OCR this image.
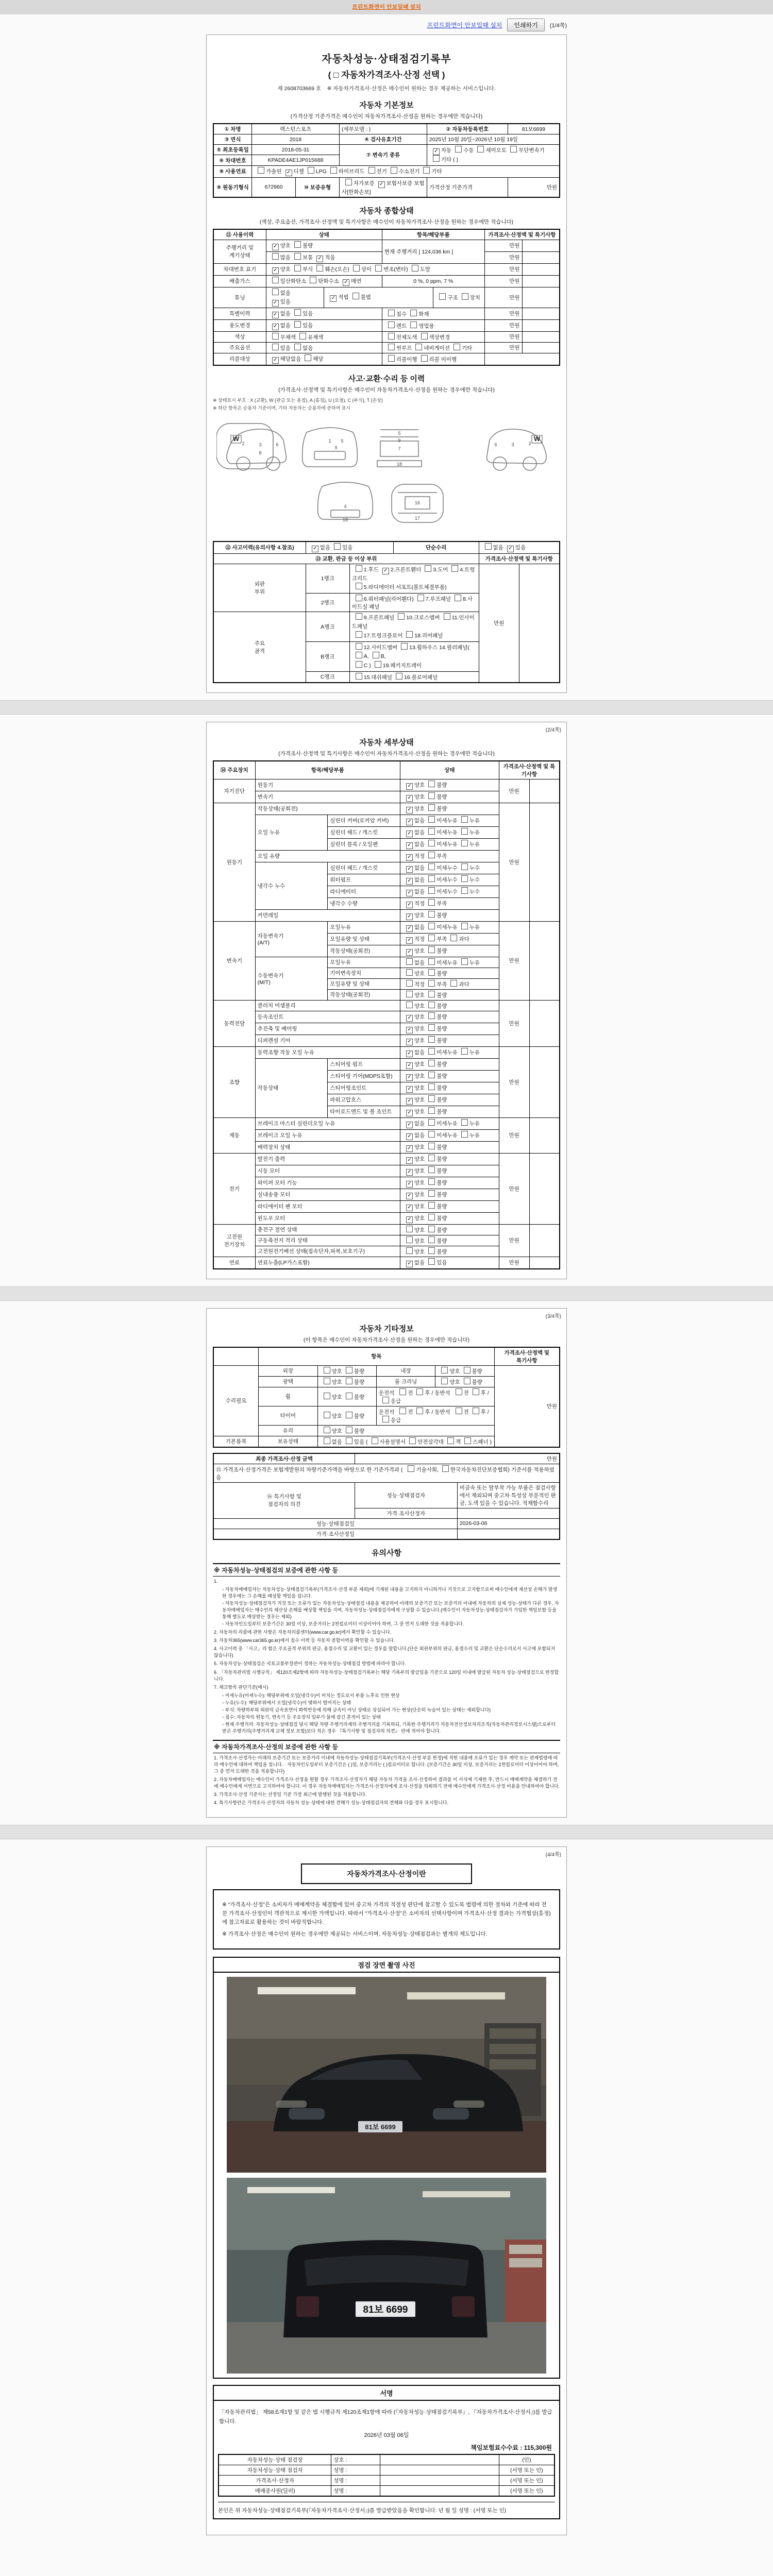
프린트화면이 안보일때 설치
프린트화면이 안보일때 설치	인쇄하기	(1/4쪽)
자동차성능·상태점검기록부
( □ 자동차가격조사·산정 선택 )
제 2608703669 호 ※ 자동차가격조사·산정은 매수인이 원하는 경우 제공하는 서비스입니다.
자동차 기본정보
(가격산정 기준가격은 매수인이 자동차가격조사·산정을 원하는 경우에만 적습니다)
① 차명	렉스턴스포츠		(세부모델 : )	② 자동차등록번호	81보6699
③ 연식	2018		④ 검사유효기간	2025년 10월 20일~2026년 10월 19일	
⑤ 최초등록일	2018-05-31		⑦ 변속기 종류	✓ 자동 수동 세미오토 무단변속기
기타 ( )	

⑥ 차대번호	KPADE4AE1JP015688				
⑧ 사용연료	가솔린 ✓ 디젤 LPG 하이브리드 전기 수소전기 기타				
⑨ 원동기형식	672960	⑩ 보증유형	자가보증 ✓ 보험사보증 보험사[한화손보]	가격산정 기준가격	만원
자동차 종합상태
(색상, 주요옵션, 가격조사·산정액 및 특기사항은 매수인이 자동차가격조사·산정을 원하는 경우에만 적습니다)
⑪ 사용이력	상태		항목/해당부품		가격조사·산정액 및 특기사항	
주행거리 및
계기상태	✓ 양호 불량		현재 주행거리 [ 124,036 km ]		만원	
	많음 보통 ✓ 적음				만원	
차대번호 표기	✓ 양호 부식 훼손(오손) 상이 변조(변타) 도말				만원	
배출가스	일산화탄소 탄화수소 ✓ 매연		0 %, 0 ppm, 7 %		만원	
튜닝	없음
✓ 있음	✓ 적법 불법		구조 장치	만원	
특별이력	✓ 없음 있음		침수 화재		만원	
용도변경	✓ 없음 있음		렌트 영업용		만원	
색상	무채색 유채색		전체도색 색상변경		만원	
주요옵션	있음 없음		썬루프 네비게이션 기타		만원	
리콜대상	✓ 해당없음 해당		리콜이행 리콜 미이행			
사고·교환·수리 등 이력
(가격조사·산정액 및 특기사항은 매수인이 자동차가격조사·산정을 원하는 경우에만 적습니다)
※ 상태표시 부호 : X (교환), W (판금 또는 용접), A (흠집), U (요철), C (부식), T (손상)
※ 하단 항목은 승용차 기준이며, 기타 자동차는 승용차에 준하여 표시
2	3	6
8
1 5
9
5
9
7
18
2
3
6
4
18
16
17
W	W
⑫ 사고이력(유의사항 4.참조)	✓ 없음 있음		단순수리	없음 ✓ 있음	
⑬ 교환, 판금 등 이상 부위				가격조사·산정액 및 특기사항	
외판
부위	1랭크	
1.후드 ✓ 2.프론트휀더 3.도어 4.트렁크리드
5.라디에이터 서포트(볼트체결부품)
	만원	
	2랭크	6.쿼터패널(리어휀다) 7.루프패널 8.사이드실 패널			
주요
골격	A랭크	
9.프론트패널 10.크로스멤버 11.인사이드패널
17.트렁크플로어 18.리어패널

	B랭크	12.사이드멤버 13.휠하우스 14.필러패널( A, B,
C ) 19.패키지트레이			

	C랭크	15.대쉬패널 16.플로어패널			
(2/4쪽)
자동차 세부상태
(가격조사·산정액 및 특기사항은 매수인이 자동차가격조사·산정을 원하는 경우에만 적습니다)
⑭ 주요장치	항목/해당부품		상태	가격조사·산정액 및 특기사항	
자기진단	원동기		✓ 양호 불량	만원	
	변속기		✓ 양호 불량		
원동기	작동상태(공회전)		✓ 양호 불량	만원	
	오일 누유	실린더 커버(로커암 커버)	✓ 없음 미세누유 누유		
		실린더 헤드 / 개스킷	✓ 없음 미세누유 누유		
		실린더 블록 / 오일팬	✓ 없음 미세누유 누유		
	오일 유량		✓ 적정 부족		
	냉각수 누수	실린더 헤드 / 개스킷	✓ 없음 미세누수 누수		
		워터펌프	✓ 없음 미세누수 누수		
		라디에이터	✓ 없음 미세누수 누수		
		냉각수 수량	✓ 적정 부족		
	커먼레일		✓ 양호 불량		
변속기	자동변속기
(A/T)	오일누유	✓ 없음 미세누유 누유	만원	
		오일유량 및 상태	✓ 적정 부족 과다		
		작동상태(공회전)	✓ 양호 불량		
	수동변속기
(M/T)	오일누유	없음 미세누유 누유		
		기어변속장치	양호 불량		
		오일유량 및 상태	적정 부족 과다		
		작동상태(공회전)	양호 불량		
동력전달	클러치 어셈블리		양호 불량	만원	
	등속조인트		✓ 양호 불량		
	추진축 및 베어링		✓ 양호 불량		
	디퍼렌셜 기어		✓ 양호 불량		
조향	동력조향 작동 오일 누유		✓ 없음 미세누유 누유	만원	
	작동상태	스티어링 펌프	✓ 양호 불량		
		스티어링 기어(MDPS포함)	✓ 양호 불량		
		스티어링조인트	✓ 양호 불량		
		파워고압호스	✓ 양호 불량		
		타이로드엔드 및 볼 조인트	✓ 양호 불량		
제동	브레이크 마스터 실린더오일 누유		✓ 없음 미세누유 누유	만원	
	브레이크 오일 누유		✓ 없음 미세누유 누유		
	배력장치 상태		✓ 양호 불량		
전기	발전기 출력		✓ 양호 불량	만원	
	시동 모터		✓ 양호 불량		
	와이퍼 모터 기능		✓ 양호 불량		
	실내송풍 모터		✓ 양호 불량		
	라디에이터 팬 모터		✓ 양호 불량		
	윈도우 모터		✓ 양호 불량		
고전원
전기장치	충전구 절연 상태		양호 불량	만원	
	구동축전지 격리 상태		양호 불량		
	고전원전기배선 상태(접속단자,피복,보호기구)		양호 불량		
연료	연료누출(LP가스포함)		✓ 없음 있음	만원	
(3/4쪽)
자동차 기타정보
(이 항목은 매수인이 자동차가격조사·산정을 원하는 경우에만 적습니다)
	항목				가격조사·산정액 및
특기사항
수리필요	외장	양호 불량	내장	양호 불량	만원
	광택	양호 불량	룸 크리닝	양호 불량	
	휠	양호 불량	운전석 전 후 / 동반석 전 후 / 응급		
	타이어	양호 불량	운전석 전 후 / 동반석 전 후 / 응급		
	유리	양호 불량			
기본품목	보유상태	없음 있음 ( 사용설명서 안전삼각대 잭 스패너 )			
최종 가격조사·산정 금액	만원	
⑮ 가격조사·산정가격은 보험개발원의 차량기준가액을 바탕으로 한 기준가격과 ( 기술사회, 한국자동차진단보증협회) 기준서를 적용하였음		
⑯ 특기사항 및
점검자의 의견	성능·상태점검자	비금속 또는 탈부착 가능 부품은 점검사항에서 제외되며 중고차 특성상 부분적인 판금, 도색 있을 수 있습니다. 적재함수리
	가격·조사산정자	
성능·상태점검일		2026-03-06
가격·조사산정일		
유의사항
※ 자동차성능·상태점검의 보증에 관한 사항 등
1.
◦ 자동차매매업자는 자동차성능·상태점검기록부(가격조사·산정 부분 제외)에 기재된 내용을 고지하지 아니하거나 거짓으로 고지함으로써 매수인에게 재산상 손해가 발생한 경우에는 그 손해를 배상할 책임을 집니다.
◦ 자동차성능·상태점검자가 거짓 또는 오류가 있는 자동차성능·상태점검 내용을 제공하여 아래의 보증기간 또는 보증거리 이내에 자동차의 실제 성능·상태가 다른 경우, 자동차매매업자는 매수인의 재산상 손해를 배상할 책임을 지며, 자동차성능·상태점검자에게 구상할 수 있습니다.(매수인이 자동차성능·상태점검자가 가입한 책임보험 등을 통해 별도로 배상받는 경우는 제외)
◦ 자동차인도일부터 보증기간은 30일 이상, 보증거리는 2천킬로미터 이상이어야 하며, 그 중 먼저 도래한 것을 적용합니다.
2. 자동차의 리콜에 관한 사항은 자동차리콜센터(www.car.go.kr)에서 확인할 수 있습니다.
3. 자동차365(www.car365.go.kr)에서 침수 이력 등 자동차 종합이력을 확인할 수 있습니다.
4. 사고이력 중 「사고」라 함은 주요골격 부위의 판금, 용접수리 및 교환이 있는 경우를 말합니다.(단순 외판부위의 판금, 용접수리 및 교환은 단순수리로서 사고에 포함되지 않습니다)
5. 자동차성능·상태점검은 국토교통부장관이 정하는 자동차성능·상태점검 방법에 따라야 합니다.
6. 「자동차관리법 시행규칙」 제120조제2항에 따라 자동차성능·상태점검기록부는 해당 기록부의 발급일을 기준으로 120일 이내에 발급된 자동차 성능·상태점검으로 한정합니다.
7. 체크항목 판단기준(예시)
◦ 미세누유(미세누수): 해당부위에 오일(냉각수)이 비치는 정도로서 부품 노후로 인한 현상
◦ 누유(누수): 해당부위에서 오일(냉각수)이 맺혀서 떨어지는 상태
◦ 부식: 차량하부와 외판의 금속표면이 화학반응에 의해 금속이 아닌 상태로 상실되어 가는 현상(단순히 녹슬어 있는 상태는 제외합니다)
◦ 침수: 자동차의 원동기, 변속기 등 주요장치 일부가 물에 잠긴 흔적이 있는 상태
◦ 현재 주행거리: 자동차성능·상태점검 당시 해당 차량 주행거리계의 주행거리를 기록하되, 기록한 주행거리가 자동차전산정보처리조직(자동차관리정보시스템)으로부터 받은 주행거리(주행거리계 교체 정보 포함)보다 적은 경우 『특기사항 및 점검자의 의견』 란에 적어야 합니다.
※ 자동차가격조사·산정의 보증에 관한 사항 등
1. 가격조사·산정자는 아래의 보증기간 또는 보증거리 이내에 자동차성능·상태점검기록부(가격조사·산정 부분 한정)에 적힌 내용에 오류가 있는 경우 계약 또는 관계법령에 따라 매수인에 대하여 책임을 집니다. · 자동차인도일부터 보증기간은 ( )일, 보증거리는 ( )킬로미터로 합니다. (보증기간은 30일 이상, 보증거리는 2천킬로미터 이상이어야 하며, 그 중 먼저 도래한 것을 적용합니다)
2. 자동차매매업자는 매수인이 가격조사·산정을 원할 경우 가격조사·산정자가 해당 자동차 가격을 조사·산정하여 결과를 이 서식에 기재한 후, 반드시 매매계약을 체결하기 전에 매수인에게 서면으로 고지하여야 합니다. 이 경우 자동차매매업자는 가격조사·산정자에게 조사·산정을 의뢰하기 전에 매수인에게 가격조사·산정 비용을 안내하여야 합니다.
3. 가격조사·산정 기준서는 산정일 기준 가장 최근에 발행된 것을 적용합니다.
4. 특기사항란은 가격조사·산정자의 자동차 성능·상태에 대한 견해가 성능·상태점검자의 견해와 다를 경우 표시합니다.
(4/4쪽)
자동차가격조사·산정이란
※ “가격조사·산정”은 소비자가 매매계약을 체결함에 있어 중고차 가격의 적절성 판단에 참고할 수 있도록 법령에 의한 절차와 기준에 따라 전문 가격조사·산정인이 객관적으로 제시한 가액입니다. 따라서 “가격조사·산정”은 소비자의 선택사항이며 가격조사·산정 결과는 가격협상(흥정)에 참고자료로 활용하는 것이 바람직합니다.
※ 가격조사·산정은 매수인이 원하는 경우에만 제공되는 서비스이며, 자동차성능·상태점검과는 별개의 제도입니다.
점검 장면 촬영 사진
81보 6699
81보 6699
서명
「자동차관리법」 제58조제1항 및 같은 법 시행규칙 제120조제1항에 따라 (『자동차성능·상태점검기록부』, 『자동차가격조사·산정서』)를 발급합니다.
2026년 03월 06일
책임보험료수수료 : 115,300원
자동차성능·상태 점검장	상호 :		(인)
자동차성능·상태 점검자	성명 :		(서명 또는 인)
가격조사·산정자	성명 :		(서명 또는 인)
매매종사원(딜러)	성명 :		(서명 또는 인)
본인은 위 자동차성능·상태점검기록부(『자동차가격조사·산정서』)를 발급받았음을 확인합니다. 년 월 일 성명 : (서명 또는 인)
